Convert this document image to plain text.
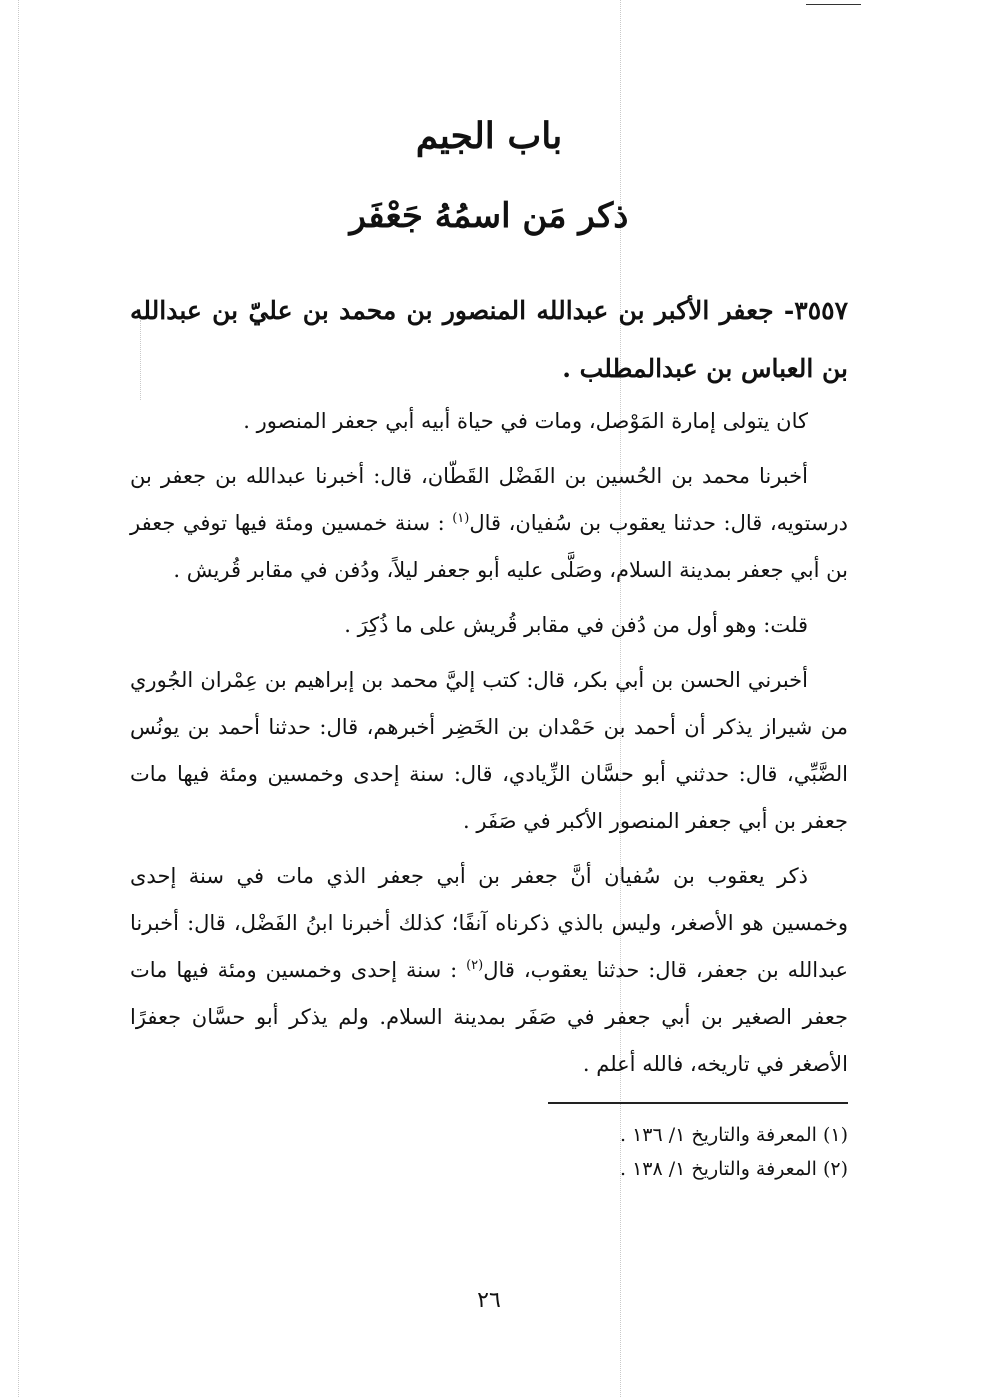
باب الجيم
ذكر مَن اسمُهُ جَعْفَر

٣٥٥٧- جعفر الأكبر بن عبدالله المنصور بن محمد بن عليّ بن عبدالله بن العباس بن عبدالمطلب .

كان يتولى إمارة المَوْصل، ومات في حياة أبيه أبي جعفر المنصور .

أخبرنا محمد بن الحُسين بن الفَضْل القَطّان، قال: أخبرنا عبدالله بن جعفر بن درستويه، قال: حدثنا يعقوب بن سُفيان، قال$^{(١)}$ : سنة خمسين ومئة فيها توفي جعفر بن أبي جعفر بمدينة السلام، وصَلَّى عليه أبو جعفر ليلاً، ودُفن في مقابر قُريش .

قلت: وهو أول من دُفن في مقابر قُريش على ما ذُكِرَ .

أخبرني الحسن بن أبي بكر، قال: كتب إليَّ محمد بن إبراهيم بن عِمْران الجُوري من شيراز يذكر أن أحمد بن حَمْدان بن الخَضِر أخبرهم، قال: حدثنا أحمد بن يونُس الضَّبِّي، قال: حدثني أبو حسَّان الزِّيادي، قال: سنة إحدى وخمسين ومئة فيها مات جعفر بن أبي جعفر المنصور الأكبر في صَفَر .

ذكر يعقوب بن سُفيان أنَّ جعفر بن أبي جعفر الذي مات في سنة إحدى وخمسين هو الأصغر، وليس بالذي ذكرناه آنفًا؛ كذلك أخبرنا ابنُ الفَضْل، قال: أخبرنا عبدالله بن جعفر، قال: حدثنا يعقوب، قال$^{(٢)}$ : سنة إحدى وخمسين ومئة فيها مات جعفر الصغير بن أبي جعفر في صَفَر بمدينة السلام. ولم يذكر أبو حسَّان جعفرًا الأصغر في تاريخه، فالله أعلم .

(١) المعرفة والتاريخ ١/ ١٣٦ .

(٢) المعرفة والتاريخ ١/ ١٣٨ .

٢٦
